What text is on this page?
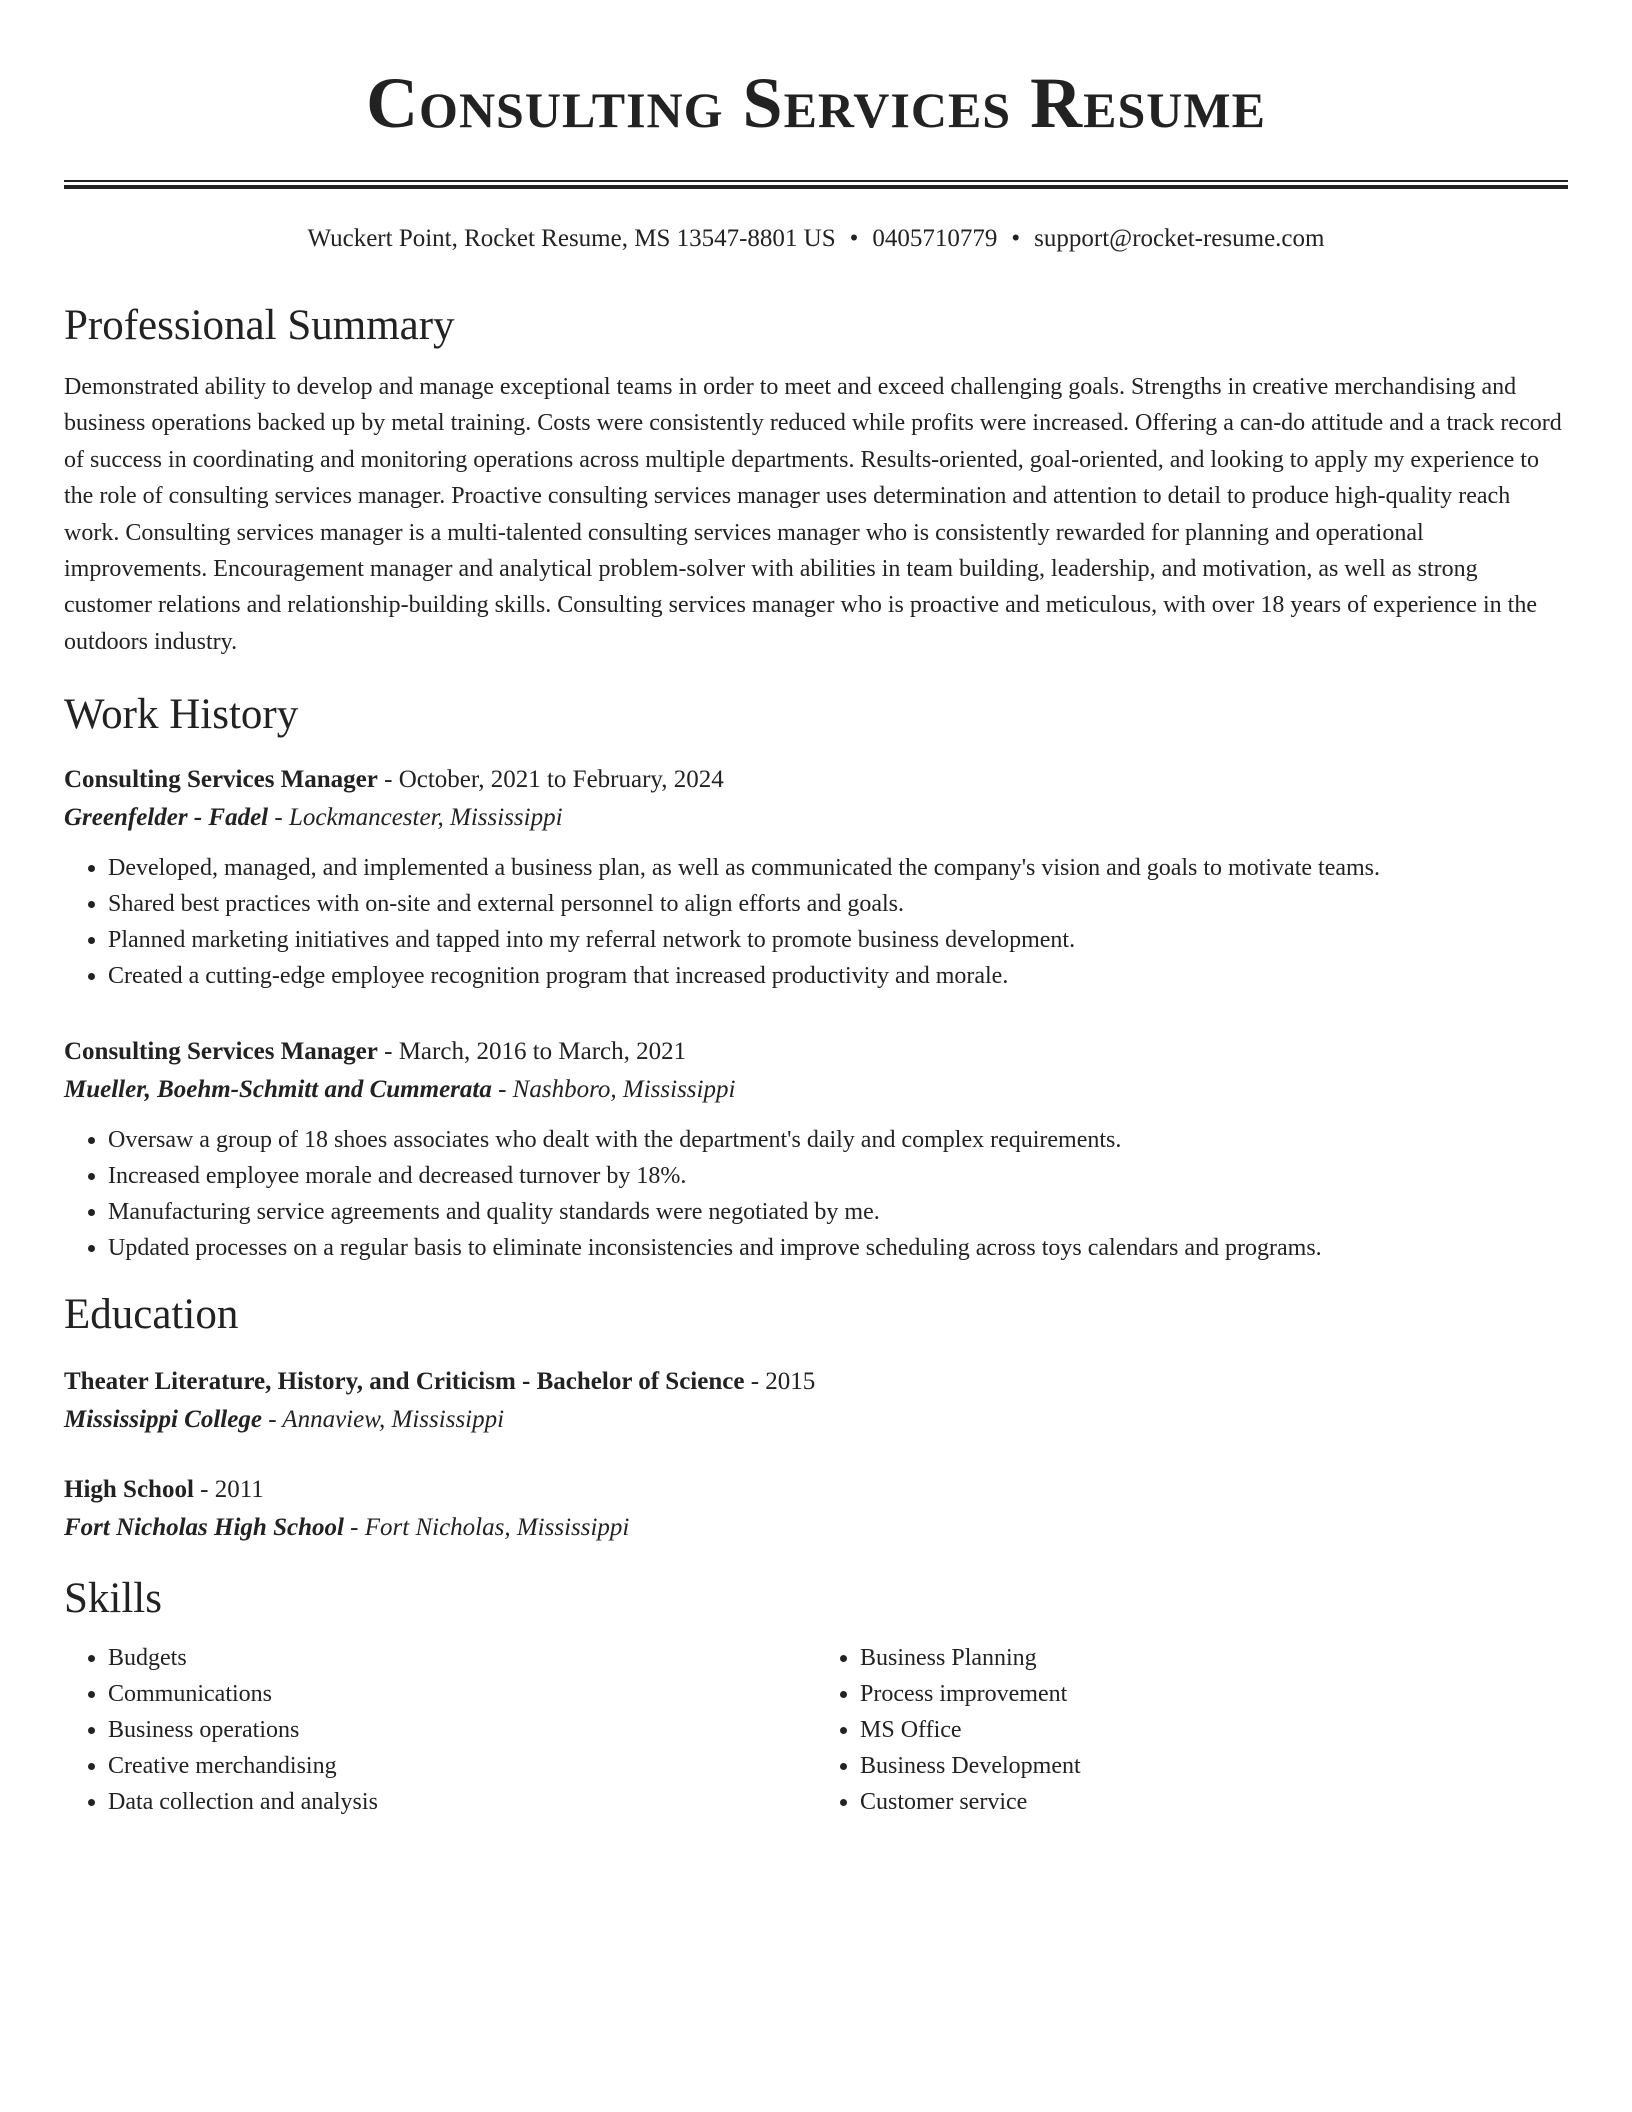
Consulting Services Resume
Wuckert Point, Rocket Resume, MS 13547-8801 US • 0405710779 • support@rocket-resume.com
Professional Summary
Demonstrated ability to develop and manage exceptional teams in order to meet and exceed challenging goals. Strengths in creative merchandising and business operations backed up by metal training. Costs were consistently reduced while profits were increased. Offering a can-do attitude and a track record of success in coordinating and monitoring operations across multiple departments. Results-oriented, goal-oriented, and looking to apply my experience to the role of consulting services manager. Proactive consulting services manager uses determination and attention to detail to produce high-quality reach work. Consulting services manager is a multi-talented consulting services manager who is consistently rewarded for planning and operational improvements. Encouragement manager and analytical problem-solver with abilities in team building, leadership, and motivation, as well as strong customer relations and relationship-building skills. Consulting services manager who is proactive and meticulous, with over 18 years of experience in the outdoors industry.
Work History
Consulting Services Manager - October, 2021 to February, 2024
Greenfelder - Fadel - Lockmancester, Mississippi
• Developed, managed, and implemented a business plan, as well as communicated the company's vision and goals to motivate teams.
• Shared best practices with on-site and external personnel to align efforts and goals.
• Planned marketing initiatives and tapped into my referral network to promote business development.
• Created a cutting-edge employee recognition program that increased productivity and morale.
Consulting Services Manager - March, 2016 to March, 2021
Mueller, Boehm-Schmitt and Cummerata - Nashboro, Mississippi
• Oversaw a group of 18 shoes associates who dealt with the department's daily and complex requirements.
• Increased employee morale and decreased turnover by 18%.
• Manufacturing service agreements and quality standards were negotiated by me.
• Updated processes on a regular basis to eliminate inconsistencies and improve scheduling across toys calendars and programs.
Education
Theater Literature, History, and Criticism - Bachelor of Science - 2015
Mississippi College - Annaview, Mississippi
High School - 2011
Fort Nicholas High School - Fort Nicholas, Mississippi
Skills
• Budgets
• Communications
• Business operations
• Creative merchandising
• Data collection and analysis
• Business Planning
• Process improvement
• MS Office
• Business Development
• Customer service
